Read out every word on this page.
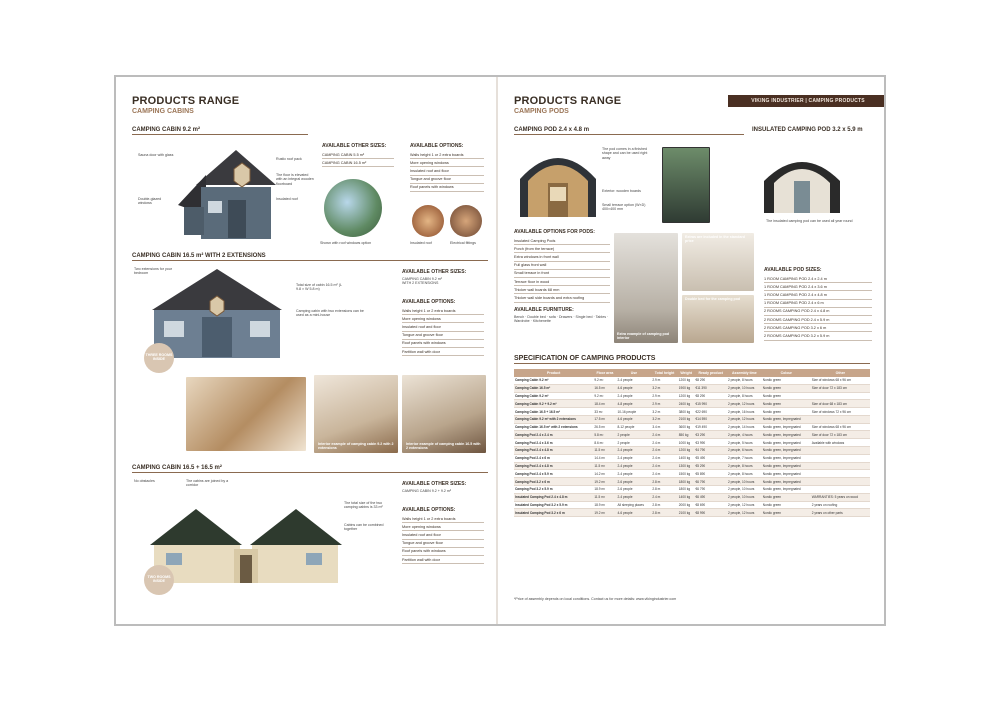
PRODUCTS RANGE
CAMPING CABINS
CAMPING CABIN 9.2 m²
Sauna door with glass
Double-glazed windows
Rustic roof pack
The floor is elevated with an integral wooden floorboard
Insulated roof
AVAILABLE OTHER SIZES:
CAMPING CABIN 5.5 m²
CAMPING CABIN 16.5 m²
AVAILABLE OPTIONS:
Walls height 1 or 2 extra boards
More opening windows
Insulated roof and floor
Tongue and groove floor
Roof panels with windows
Shown with roof windows option	Insulated roof	Electrical fittings
CAMPING CABIN 16.5 m² WITH 2 EXTENSIONS
THREE ROOMS INSIDE
Two extensions for your bedroom
Total size of cabin 16.5 m² (L 9.8 × W 5.8 m)
Camping cabin with two extensions can be used as a mini-house
AVAILABLE OTHER SIZES:
CAMPING CABIN 9.2 m²
WITH 2 EXTENSIONS
AVAILABLE OPTIONS:
Walls height 1 or 2 extra boards
More opening windows
Insulated roof and floor
Tongue and groove floor
Roof panels with windows
Partition wall with door
Interior example of camping cabin 9.2 with 2 extensions
Interior example of camping cabin 16.5 with 2 extensions
CAMPING CABIN 16.5 + 16.5 m²
TWO ROOMS INSIDE
No obstacles	The cabins are joined by a corridor
The total size of the two camping cabins is 33 m²
Cabins can be combined together
AVAILABLE OTHER SIZES:
CAMPING CABIN 9.2 + 9.2 m²
AVAILABLE OPTIONS:
Walls height 1 or 2 extra boards
More opening windows
Insulated roof and floor
Tongue and groove floor
Roof panels with windows
Partition wall with door
VIKING INDUSTRIER | CAMPING PRODUCTS
PRODUCTS RANGE
CAMPING PODS
CAMPING POD 2.4 x 4.8 m
The pod comes in a finished shape and can be used right away
Exterior: wooden boards
Small terrace option (W×D) 400×400 mm
INSULATED CAMPING POD 3.2 x 5.9 m
The insulated camping pod can be used all year round
AVAILABLE OPTIONS FOR PODS:
Insulated Camping Pods
Porch (from the terrace)
Extra windows in front wall
Full glass front wall
Small terrace in front
Terrace floor in wood
Thicker wall boards 68 mm
Thicker wall side boards and extra roofing
AVAILABLE FURNITURE:
Bench · Double bed · sofa · Drawers · Single bed · Tables · Wardrobe · Kitchenette
Extra example of camping pod interior
Extras are included in the standard price
Double bed for the camping pod
AVAILABLE POD SIZES:
1 ROOM CAMPING POD 2.4 x 2.4 m
1 ROOM CAMPING POD 2.4 x 3.6 m
1 ROOM CAMPING POD 2.4 x 4.8 m
1 ROOM CAMPING POD 2.4 x 6 m
2 ROOMS CAMPING POD 2.4 x 4.8 m
2 ROOMS CAMPING POD 2.4 x 5.9 m
2 ROOMS CAMPING POD 3.2 x 6 m
2 ROOMS CAMPING POD 3.2 x 5.9 m
SPECIFICATION OF CAMPING PRODUCTS
Product	Floor area	Use	Total height	Weight	Ready product	Assembly time	Colour	Other
Camping Cabin 9.2 m²	9.2 m²	2-4 people	2.9 m	1200 kg	€8 290	2 people, 8 hours	Nordic green	Size of windows 68 x 96 cm
Camping Cabin 16.5 m²	16.5 m²	4-6 people	3.2 m	1900 kg	€11 390	2 people, 10 hours	Nordic green	Size of door 72 x 183 cm
Camping Cabin 9.2 m²	9.2 m²	2-4 people	2.9 m	1200 kg	€8 290	2 people, 8 hours	Nordic green	
Camping Cabin 9.2 + 9.2 m²	18.4 m²	4-8 people	2.9 m	2400 kg	€15 990	2 people, 12 hours	Nordic green	Size of door 68 x 183 cm
Camping Cabin 16.5 + 16.5 m²	33 m²	10-16 people	3.2 m	3800 kg	€22 690	2 people, 16 hours	Nordic green	Size of windows 72 x 96 cm
Camping Cabin 9.2 m² with 2 extensions	17.5 m²	4-6 people	3.2 m	2100 kg	€14 590	2 people, 12 hours	Nordic green, Impregnated	
Camping Cabin 16.5 m² with 2 extensions	26.5 m²	8-12 people	3.4 m	3600 kg	€19 490	2 people, 14 hours	Nordic green, Impregnated	Size of windows 68 x 96 cm
Camping Pod 2.4 x 2.4 m	5.8 m²	2 people	2.4 m	850 kg	€3 290	2 people, 4 hours	Nordic green, Impregnated	Size of door 72 x 183 cm
Camping Pod 2.4 x 3.6 m	8.6 m²	2 people	2.4 m	1000 kg	€3 990	2 people, 5 hours	Nordic green, Impregnated	Available with windows
Camping Pod 2.4 x 4.8 m	11.5 m²	2-4 people	2.4 m	1200 kg	€4 790	2 people, 6 hours	Nordic green, Impregnated	
Camping Pod 2.4 x 6 m	14.4 m²	2-4 people	2.4 m	1400 kg	€5 490	2 people, 7 hours	Nordic green, Impregnated	
Camping Pod 2.4 x 4.8 m	11.5 m²	2-4 people	2.4 m	1300 kg	€5 290	2 people, 8 hours	Nordic green, Impregnated	
Camping Pod 2.4 x 5.9 m	14.2 m²	2-4 people	2.4 m	1500 kg	€5 890	2 people, 8 hours	Nordic green, Impregnated	
Camping Pod 3.2 x 6 m	19.2 m²	2-6 people	2.8 m	1800 kg	€6 790	2 people, 10 hours	Nordic green, Impregnated	
Camping Pod 3.2 x 5.9 m	18.9 m²	2-6 people	2.8 m	1800 kg	€6 790	2 people, 10 hours	Nordic green, Impregnated	
Insulated Camping Pod 2.4 x 4.8 m	11.5 m²	2-4 people	2.4 m	1400 kg	€6 490	2 people, 10 hours	Nordic green	WARRANTIES: 5 years on wood
Insulated Camping Pod 3.2 x 5.9 m	18.9 m²	All sleeping places	2.8 m	2000 kg	€8 690	2 people, 12 hours	Nordic green	2 years on roofing
Insulated Camping Pod 3.2 x 6 m	19.2 m²	4-6 people	2.8 m	2100 kg	€8 990	2 people, 12 hours	Nordic green	2 years on other parts
*Price of assembly depends on local conditions. Contact us for more details: www.vikingindustrier.com
